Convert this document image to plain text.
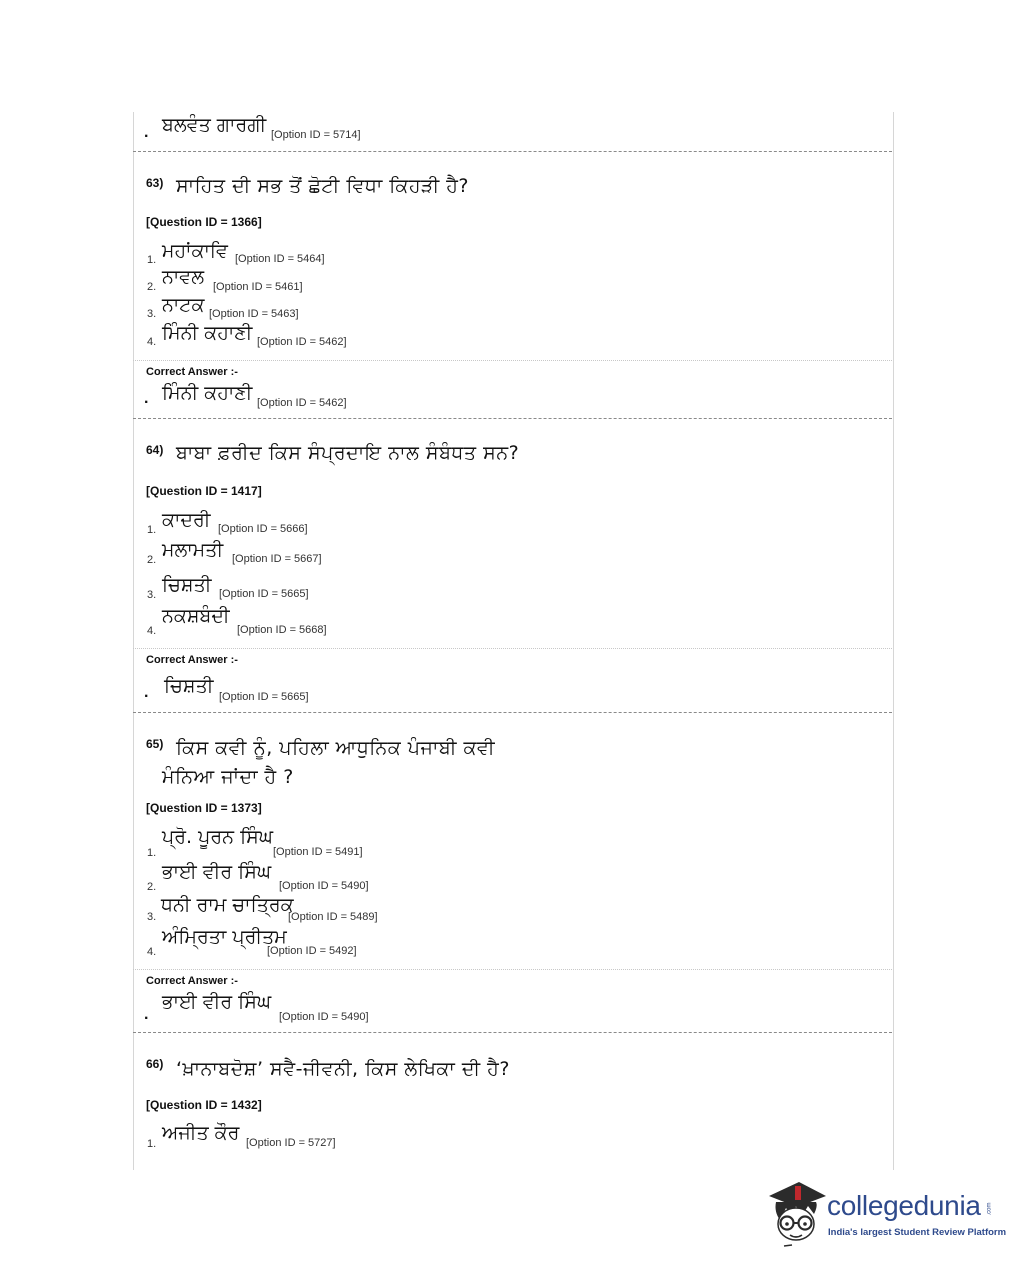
. ਬਲਵੰਤ ਗਾਰਗੀ [Option ID = 5714]
63) ਸਾਹਿਤ ਦੀ ਸਭ ਤੋਂ ਛੋਟੀ ਵਿਧਾ ਕਿਹੜੀ ਹੈ?
[Question ID = 1366]
1. ਮਹਾਂਕਾਵਿ [Option ID = 5464]
2. ਨਾਵਲ [Option ID = 5461]
3. ਨਾਟਕ [Option ID = 5463]
4. ਮਿੰਨੀ ਕਹਾਣੀ [Option ID = 5462]
Correct Answer :-
. ਮਿੰਨੀ ਕਹਾਣੀ [Option ID = 5462]
64) ਬਾਬਾ ਫ਼ਰੀਦ ਕਿਸ ਸੰਪ੍ਰਦਾਇ ਨਾਲ ਸੰਬੰਧਤ ਸਨ?
[Question ID = 1417]
1. ਕਾਦਰੀ [Option ID = 5666]
2. ਮਲਾਮਤੀ [Option ID = 5667]
3. ਚਿਸ਼ਤੀ [Option ID = 5665]
4.
ਨਕਸ਼ਬੰਦੀ
[Option ID = 5668]
Correct Answer :-
. ਚਿਸ਼ਤੀ [Option ID = 5665]
65) ਕਿਸ ਕਵੀ ਨੂੰ, ਪਹਿਲਾ ਆਧੁਨਿਕ ਪੰਜਾਬੀ ਕਵੀ
ਮੰਨਿਆ ਜਾਂਦਾ ਹੈ ?
[Question ID = 1373]
1.
ਪ੍ਰੋ. ਪੂਰਨ ਸਿੰਘ
[Option ID = 5491]
2.
ਭਾਈ ਵੀਰ ਸਿੰਘ
[Option ID = 5490]
3.
ਧਨੀ ਰਾਮ ਚਾਤ੍ਰਿਕ
[Option ID = 5489]
4.
ਅੰਮ੍ਰਿਤਾ ਪ੍ਰੀਤਮ
[Option ID = 5492]
Correct Answer :-
.
ਭਾਈ ਵੀਰ ਸਿੰਘ
[Option ID = 5490]
66) ‘ਖ਼ਾਨਾਬਦੋਸ਼’ ਸਵੈ-ਜੀਵਨੀ, ਕਿਸ ਲੇਖਿਕਾ ਦੀ ਹੈ?
[Question ID = 1432]
1. ਅਜੀਤ ਕੌਰ [Option ID = 5727]
collegedunia .com
India's largest Student Review Platform
